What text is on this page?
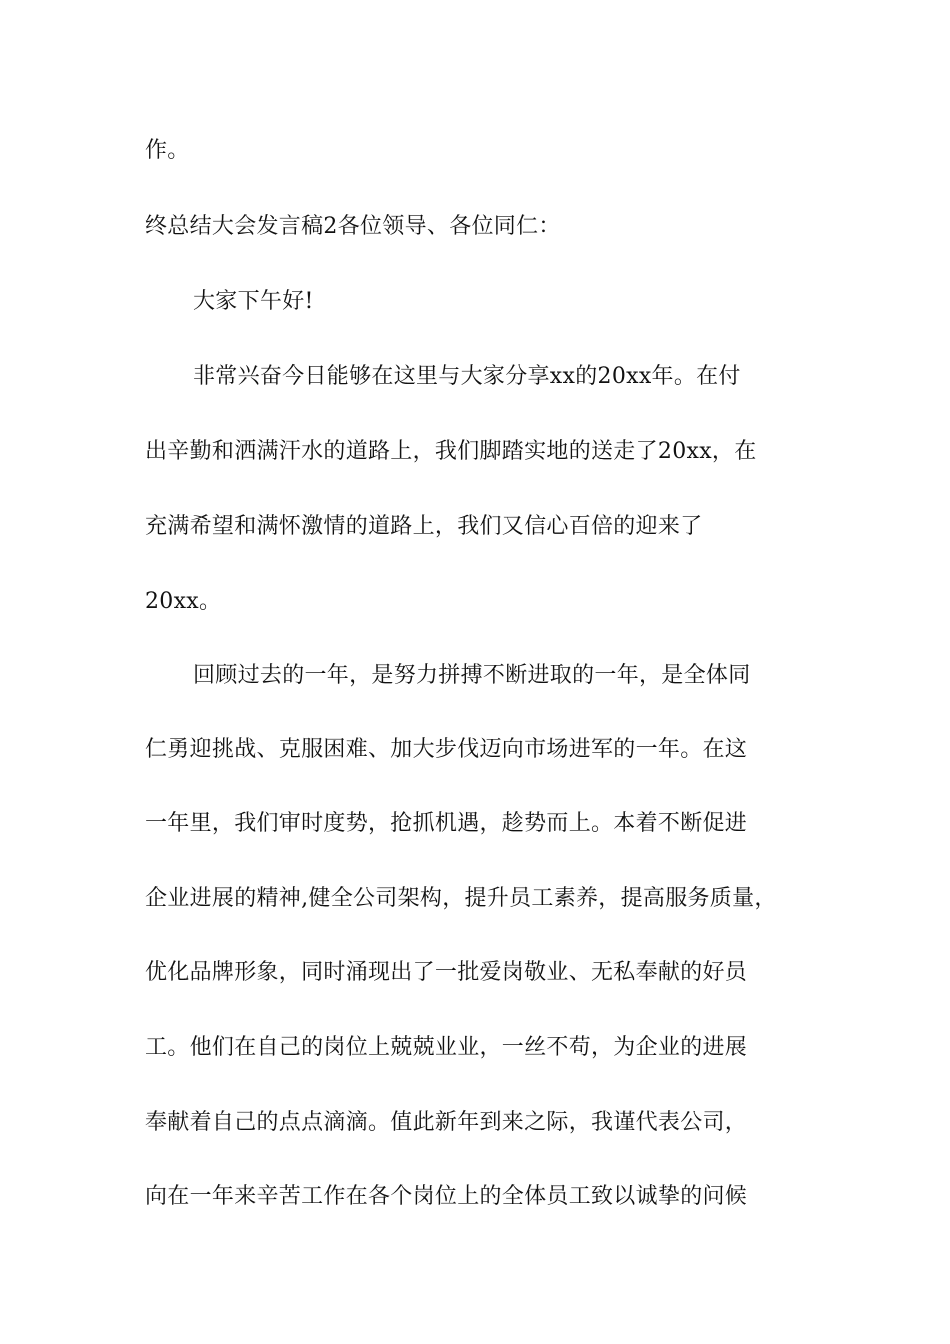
作。
终总结大会发言稿2各位领导、各位同仁：
大家下午好!
非常兴奋今日能够在这里与大家分享xx的20xx年。在付
出辛勤和洒满汗水的道路上，我们脚踏实地的送走了20xx，在
充满希望和满怀激情的道路上，我们又信心百倍的迎来了
20xx。
回顾过去的一年，是努力拼搏不断进取的一年，是全体同
仁勇迎挑战、克服困难、加大步伐迈向市场进军的一年。在这
一年里，我们审时度势，抢抓机遇，趁势而上。本着不断促进
企业进展的精神,健全公司架构，提升员工素养，提高服务质量，
优化品牌形象，同时涌现出了一批爱岗敬业、无私奉献的好员
工。他们在自己的岗位上兢兢业业，一丝不苟，为企业的进展
奉献着自己的点点滴滴。值此新年到来之际，我谨代表公司，
向在一年来辛苦工作在各个岗位上的全体员工致以诚挚的问候
